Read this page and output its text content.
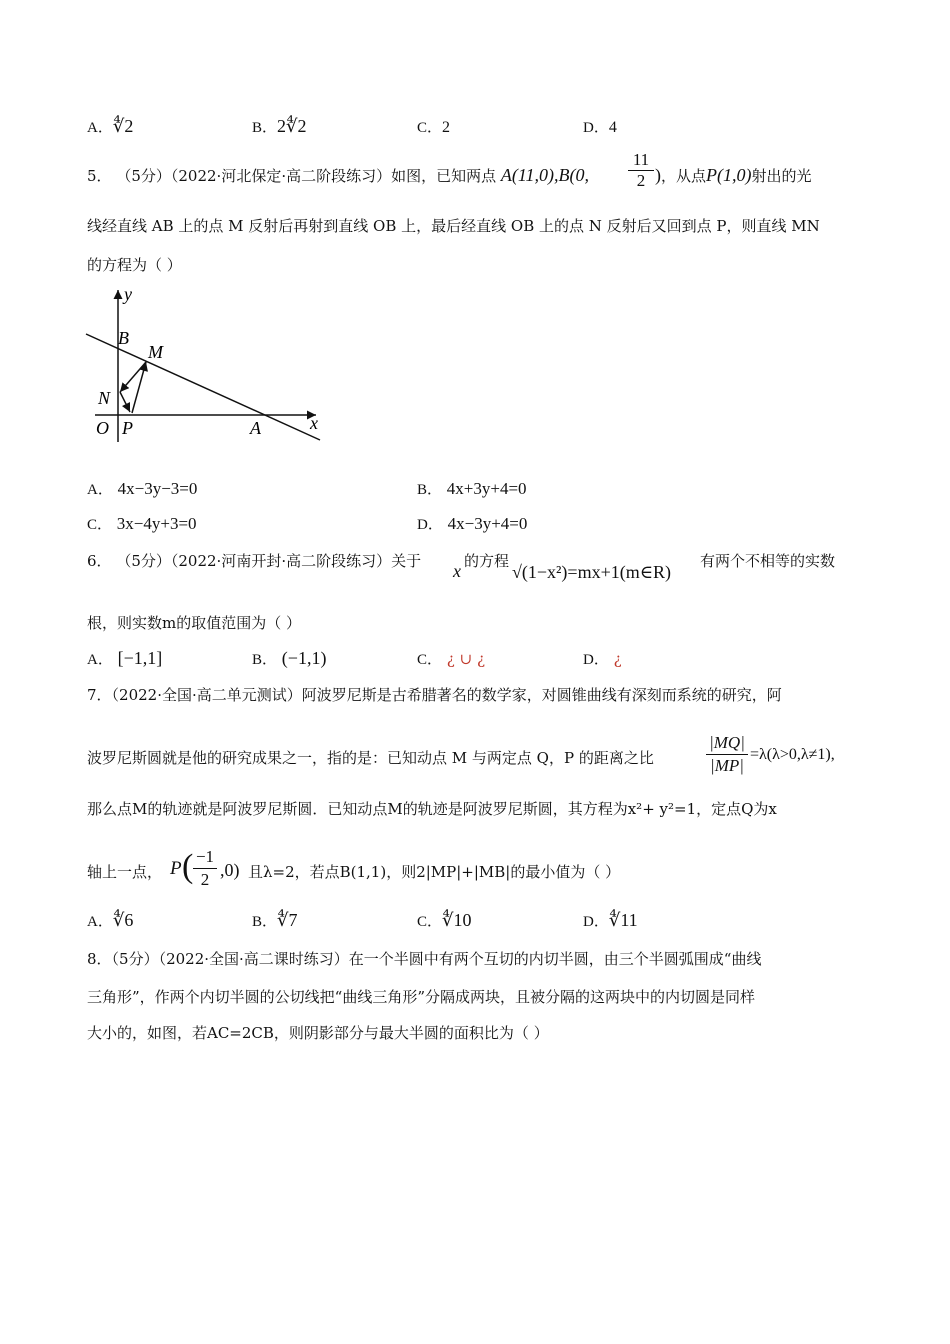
A．∜2	B．2∜2	C．2	D．4
5． （5分）（2022·河北保定·高二阶段练习）如图，已知两点 A(11,0),B(0,
11
2 )，从点P(1,0)射出的光
线经直线 AB 上的点 M 反射后再射到直线 OB 上，最后经直线 OB 上的点 N 反射后又回到点 P，则直线 MN
的方程为（ ）
y
x
B
M
N
O P	A
A． 4x−3y−3=0	B． 4x+3y+4=0
C． 3x−4y+3=0	D． 4x−3y+4=0
6． （5分）（2022·河南开封·高二阶段练习）关于 x 的方程
√(1−x²)=mx+1(m∈R)
有两个不相等的实数
根，则实数m的取值范围为（ ）
A． [−1,1]	B． (−1,1)	C． ¿ ∪ ¿	D． ¿
7．（2022·全国·高二单元测试）阿波罗尼斯是古希腊著名的数学家，对圆锥曲线有深刻而系统的研究，阿
波罗尼斯圆就是他的研究成果之一，指的是：已知动点 M 与两定点 Q，P 的距离之比
|MQ|
|MP|
=λ(λ>0,λ≠1),
那么点M的轨迹就是阿波罗尼斯圆．已知动点M的轨迹是阿波罗尼斯圆，其方程为x²+ y²=1，定点Q为x
轴上一点， P ( −1
2 ,0) 且λ=2，若点B(1,1)，则2|MP|+|MB|的最小值为（ ）
A．∜6	B．∜7	C．∜10	D．∜11
8．（5分）（2022·全国·高二课时练习）在一个半圆中有两个互切的内切半圆，由三个半圆弧围成“曲线
三角形”，作两个内切半圆的公切线把“曲线三角形”分隔成两块，且被分隔的这两块中的内切圆是同样
大小的，如图，若AC=2CB，则阴影部分与最大半圆的面积比为（ ）
